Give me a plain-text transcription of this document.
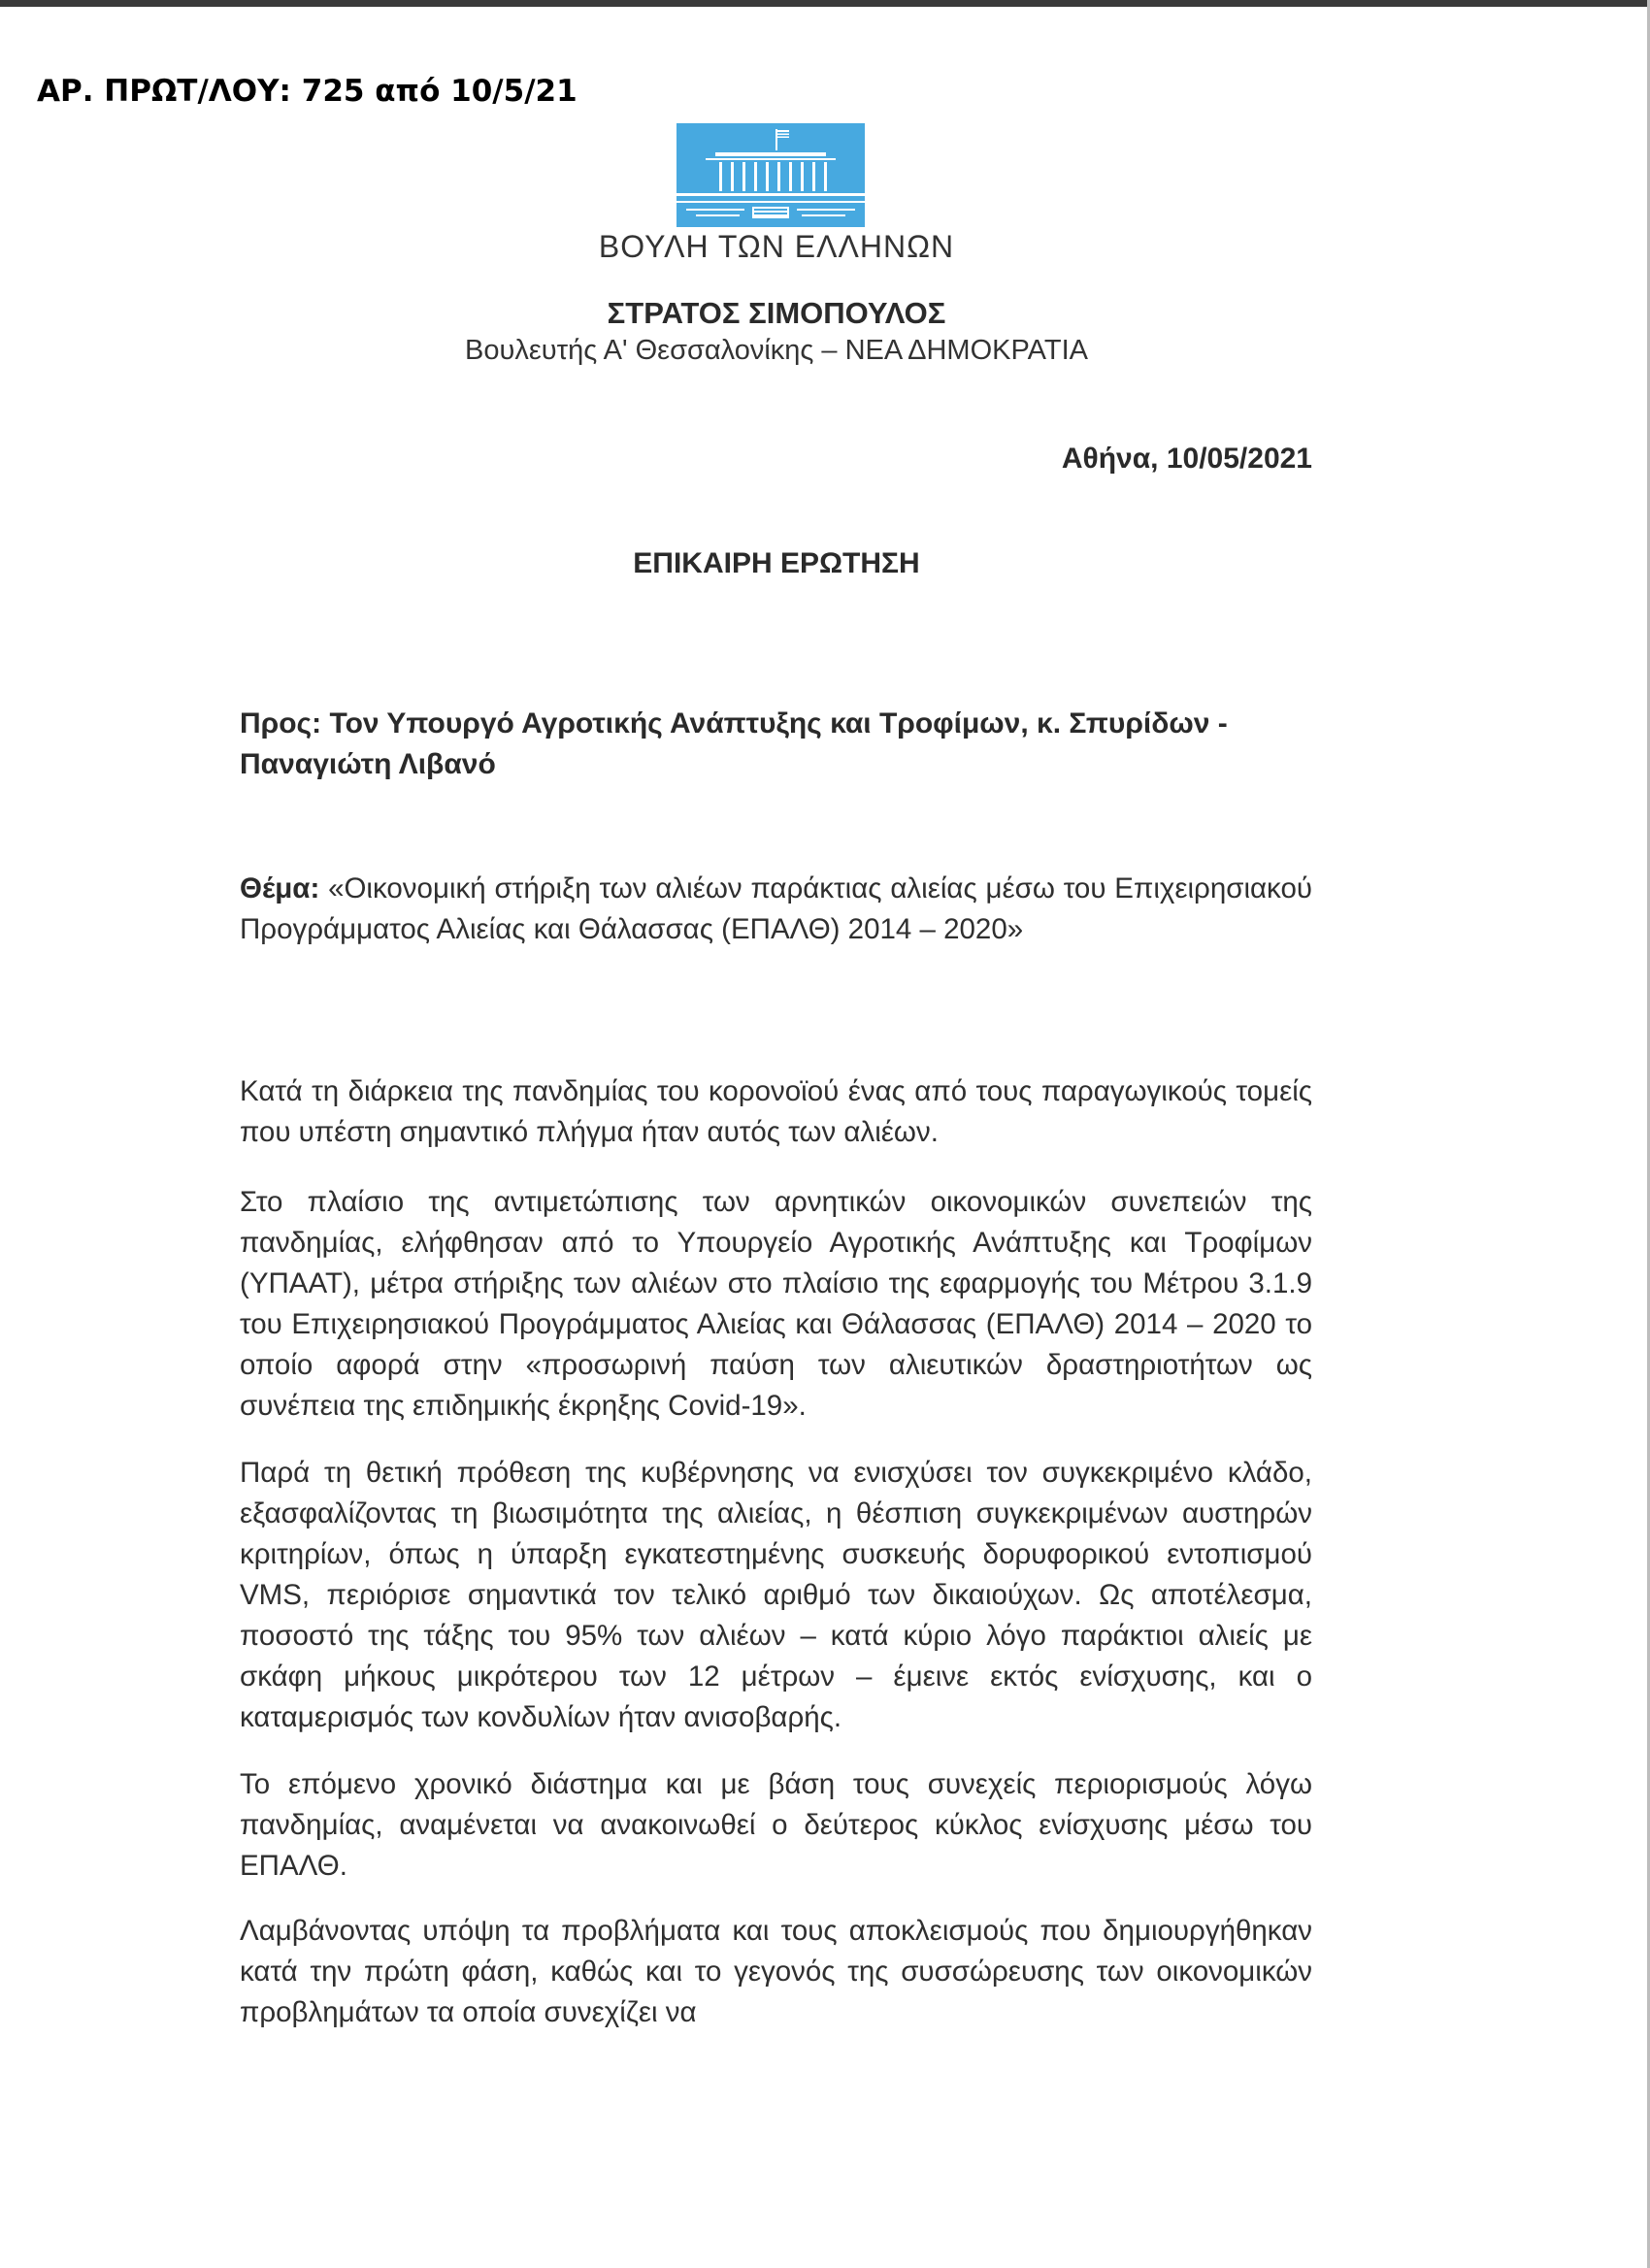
ΑΡ. ΠΡΩΤ/ΛΟΥ: 725 από 10/5/21
ΒΟΥΛΗ ΤΩΝ ΕΛΛΗΝΩΝ
ΣΤΡΑΤΟΣ ΣΙΜΟΠΟΥΛΟΣ
Βουλευτής Α' Θεσσαλονίκης – ΝΕΑ ΔΗΜΟΚΡΑΤΙΑ
Αθήνα, 10/05/2021
ΕΠΙΚΑΙΡΗ ΕΡΩΤΗΣΗ
Προς: Τον Υπουργό Αγροτικής Ανάπτυξης και Τροφίμων, κ. Σπυρίδων - Παναγιώτη Λιβανό
Θέμα: «Οικονομική στήριξη των αλιέων παράκτιας αλιείας μέσω του Επιχειρησιακού Προγράμματος Αλιείας και Θάλασσας (ΕΠΑΛΘ) 2014 – 2020»
Κατά τη διάρκεια της πανδημίας του κορονοϊού ένας από τους παραγωγικούς τομείς που υπέστη σημαντικό πλήγμα ήταν αυτός των αλιέων.
Στο πλαίσιο της αντιμετώπισης των αρνητικών οικονομικών συνεπειών της πανδημίας, ελήφθησαν από το Υπουργείο Αγροτικής Ανάπτυξης και Τροφίμων (ΥΠΑΑΤ), μέτρα στήριξης των αλιέων στο πλαίσιο της εφαρμογής του Μέτρου 3.1.9 του Επιχειρησιακού Προγράμματος Αλιείας και Θάλασσας (ΕΠΑΛΘ) 2014 – 2020 το οποίο αφορά στην «προσωρινή παύση των αλιευτικών δραστηριοτήτων ως συνέπεια της επιδημικής έκρηξης Covid-19».
Παρά τη θετική πρόθεση της κυβέρνησης να ενισχύσει τον συγκεκριμένο κλάδο, εξασφαλίζοντας τη βιωσιμότητα της αλιείας, η θέσπιση συγκεκριμένων αυστηρών κριτηρίων, όπως η ύπαρξη εγκατεστημένης συσκευής δορυφορικού εντοπισμού VMS, περιόρισε σημαντικά τον τελικό αριθμό των δικαιούχων. Ως αποτέλεσμα, ποσοστό της τάξης του 95% των αλιέων – κατά κύριο λόγο παράκτιοι αλιείς με σκάφη μήκους μικρότερου των 12 μέτρων – έμεινε εκτός ενίσχυσης, και ο καταμερισμός των κονδυλίων ήταν ανισοβαρής.
Το επόμενο χρονικό διάστημα και με βάση τους συνεχείς περιορισμούς λόγω πανδημίας, αναμένεται να ανακοινωθεί ο δεύτερος κύκλος ενίσχυσης μέσω του ΕΠΑΛΘ.
Λαμβάνοντας υπόψη τα προβλήματα και τους αποκλεισμούς που δημιουργήθηκαν κατά την πρώτη φάση, καθώς και το γεγονός της συσσώρευσης των οικονομικών προβλημάτων τα οποία συνεχίζει να
